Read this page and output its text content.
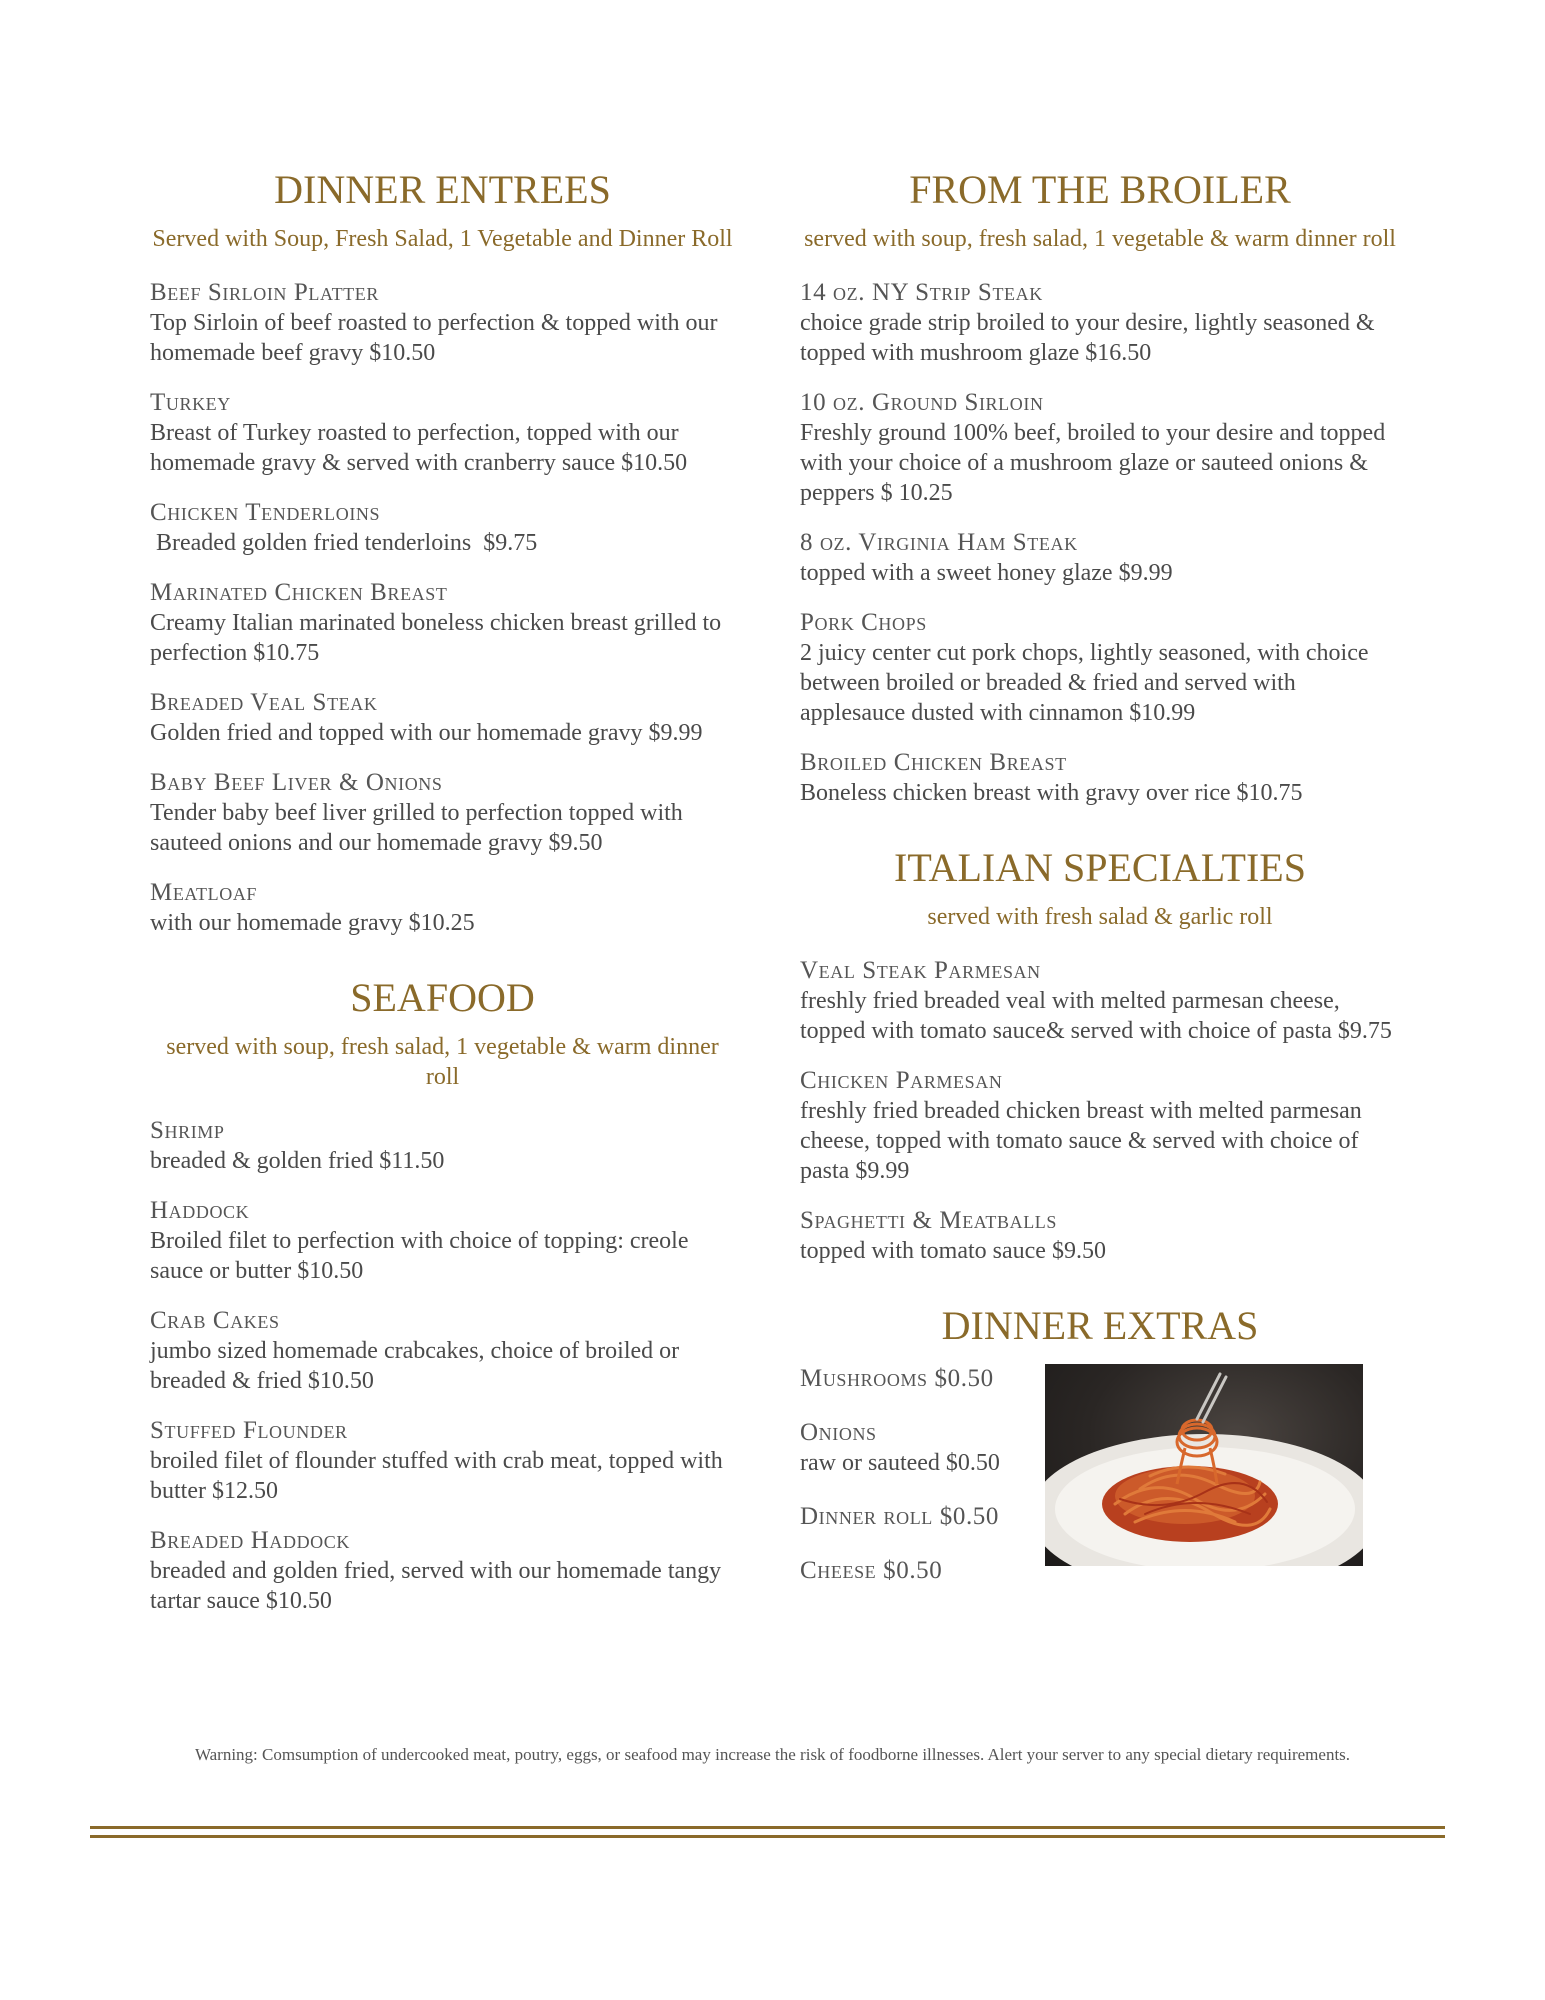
DINNER ENTREES
Served with Soup, Fresh Salad, 1 Vegetable and Dinner Roll
Beef Sirloin Platter
Top Sirloin of beef roasted to perfection & topped with our homemade beef gravy $10.50
Turkey
Breast of Turkey roasted to perfection, topped with our homemade gravy & served with cranberry sauce $10.50
Chicken Tenderloins
Breaded golden fried tenderloins  $9.75
Marinated Chicken Breast
Creamy Italian marinated boneless chicken breast grilled to perfection $10.75
Breaded Veal Steak
Golden fried and topped with our homemade gravy $9.99
Baby Beef Liver & Onions
Tender baby beef liver grilled to perfection topped with sauteed onions and our homemade gravy $9.50
Meatloaf
with our homemade gravy $10.25
SEAFOOD
served with soup, fresh salad, 1 vegetable & warm dinner roll
Shrimp
breaded & golden fried $11.50
Haddock
Broiled filet to perfection with choice of topping: creole sauce or butter $10.50
Crab Cakes
jumbo sized homemade crabcakes, choice of broiled or breaded & fried $10.50
Stuffed Flounder
broiled filet of flounder stuffed with crab meat, topped with butter $12.50
Breaded Haddock
breaded and golden fried, served with our homemade tangy tartar sauce $10.50
FROM THE BROILER
served with soup, fresh salad, 1 vegetable & warm dinner roll
14 oz. NY Strip Steak
choice grade strip broiled to your desire, lightly seasoned & topped with mushroom glaze $16.50
10 oz. Ground Sirloin
Freshly ground 100% beef, broiled to your desire and topped with your choice of a mushroom glaze or sauteed onions & peppers $ 10.25
8 oz. Virginia Ham Steak
topped with a sweet honey glaze $9.99
Pork Chops
2 juicy center cut pork chops, lightly seasoned, with choice between broiled or breaded & fried and served with applesauce dusted with cinnamon $10.99
Broiled Chicken Breast
Boneless chicken breast with gravy over rice $10.75
ITALIAN SPECIALTIES
served with fresh salad & garlic roll
Veal Steak Parmesan
freshly fried breaded veal with melted parmesan cheese, topped with tomato sauce& served with choice of pasta $9.75
Chicken Parmesan
freshly fried breaded chicken breast with melted parmesan cheese, topped with tomato sauce & served with choice of pasta $9.99
Spaghetti & Meatballs
topped with tomato sauce $9.50
DINNER EXTRAS
Mushrooms $0.50
Onions
raw or sauteed $0.50
Dinner roll $0.50
Cheese $0.50
Warning: Comsumption of undercooked meat, poutry, eggs, or seafood may increase the risk of foodborne illnesses. Alert your server to any special dietary requirements.
